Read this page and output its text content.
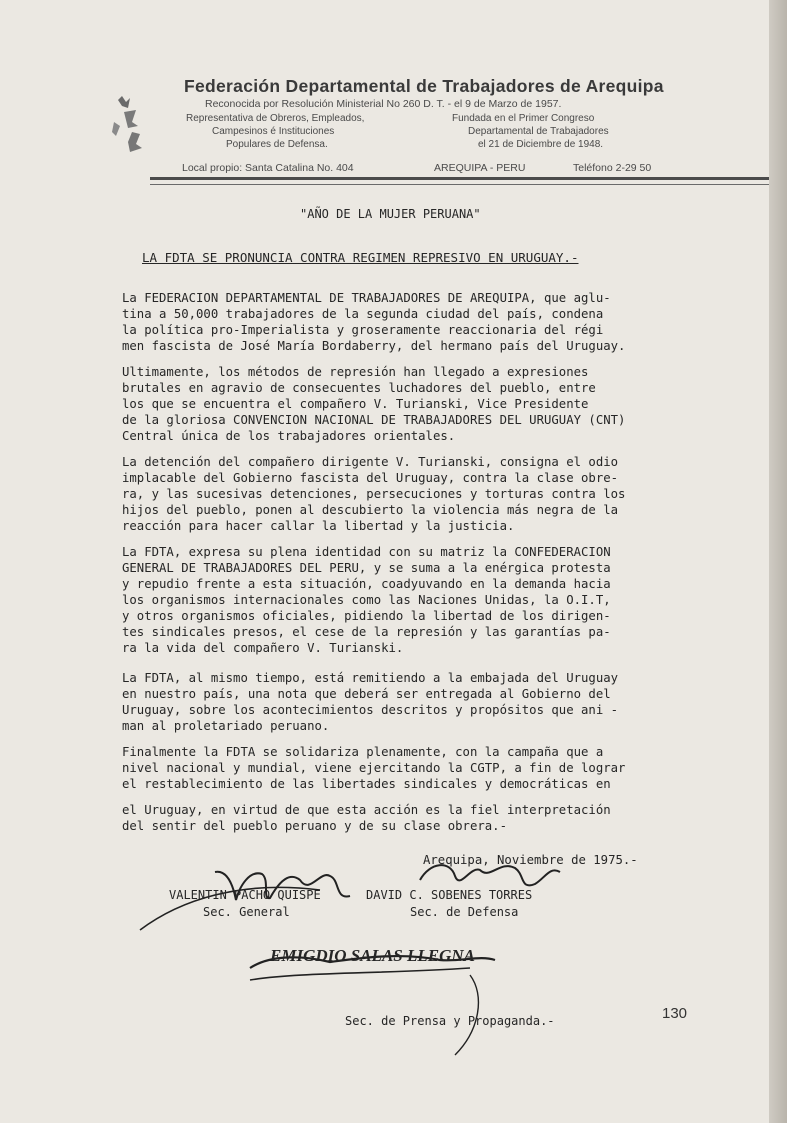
Federación Departamental de Trabajadores de Arequipa
Reconocida por Resolución Ministerial No 260 D. T. - el 9 de Marzo de 1957.
Representativa de Obreros, Empleados,
Campesinos é Instituciones
Populares de Defensa.
Fundada en el Primer Congreso
Departamental de Trabajadores
el 21 de Diciembre de 1948.
Local propio: Santa Catalina No. 404	AREQUIPA - PERU	Teléfono 2-29 50
"AÑO DE LA MUJER PERUANA"
LA FDTA SE PRONUNCIA CONTRA REGIMEN REPRESIVO EN URUGUAY.-
La FEDERACION DEPARTAMENTAL DE TRABAJADORES DE AREQUIPA, que aglu-
tina a 50,000 trabajadores de la segunda ciudad del país, condena
la política pro-Imperialista y groseramente reaccionaria del régi
men fascista de José María Bordaberry, del hermano país del Uruguay.
Ultimamente, los métodos de represión han llegado a expresiones
brutales en agravio de consecuentes luchadores del pueblo, entre
los que se encuentra el compañero V. Turianski, Vice Presidente
de la gloriosa CONVENCION NACIONAL DE TRABAJADORES DEL URUGUAY (CNT)
Central única de los trabajadores orientales.
La detención del compañero dirigente V. Turianski, consigna el odio
implacable del Gobierno fascista del Uruguay, contra la clase obre-
ra, y las sucesivas detenciones, persecuciones y torturas contra los
hijos del pueblo, ponen al descubierto la violencia más negra de la
reacción para hacer callar la libertad y la justicia.
La FDTA, expresa su plena identidad con su matriz la CONFEDERACION
GENERAL DE TRABAJADORES DEL PERU, y se suma a la enérgica protesta
y repudio frente a esta situación, coadyuvando en la demanda hacia
los organismos internacionales como las Naciones Unidas, la O.I.T,
y otros organismos oficiales, pidiendo la libertad de los dirigen-
tes sindicales presos, el cese de la represión y las garantías pa-
ra la vida del compañero V. Turianski.
La FDTA, al mismo tiempo, está remitiendo a la embajada del Uruguay
en nuestro país, una nota que deberá ser entregada al Gobierno del
Uruguay, sobre los acontecimientos descritos y propósitos que ani -
man al proletariado peruano.
Finalmente la FDTA se solidariza plenamente, con la campaña que a
nivel nacional y mundial, viene ejercitando la CGTP, a fin de lograr
el restablecimiento de las libertades sindicales y democráticas en
el Uruguay, en virtud de que esta acción es la fiel interpretación
del sentir del pueblo peruano y de su clase obrera.-
Arequipa, Noviembre de 1975.-
EMIGDIO SALAS LLEGNA
VALENTIN PACHO QUISPE
Sec. General
DAVID C. SOBENES TORRES
Sec. de Defensa
Sec. de Prensa y Propaganda.-	130
